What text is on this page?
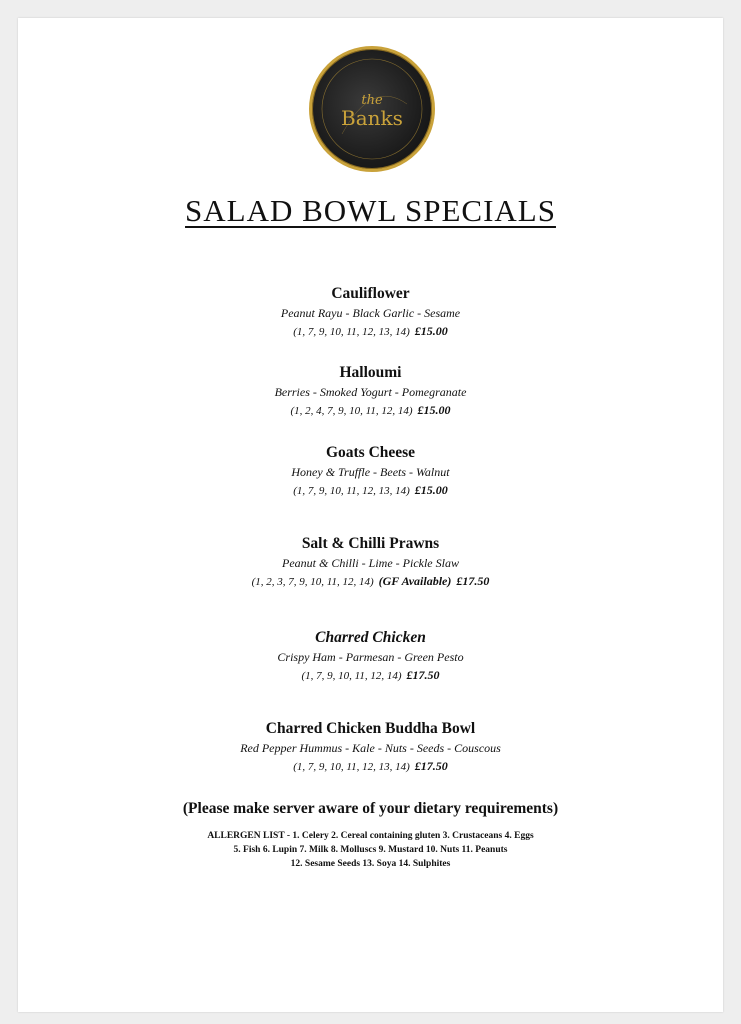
the
Banks
SALAD BOWL SPECIALS
Cauliflower
Peanut Rayu - Black Garlic - Sesame
(1, 7, 9, 10, 11, 12, 13, 14) £15.00
Halloumi
Berries - Smoked Yogurt - Pomegranate
(1, 2, 4, 7, 9, 10, 11, 12, 14) £15.00
Goats Cheese
Honey & Truffle - Beets - Walnut
(1, 7, 9, 10, 11, 12, 13, 14) £15.00
Salt & Chilli Prawns
Peanut & Chilli - Lime - Pickle Slaw
(1, 2, 3, 7, 9, 10, 11, 12, 14) (GF Available) £17.50
Charred Chicken
Crispy Ham - Parmesan - Green Pesto
(1, 7, 9, 10, 11, 12, 14) £17.50
Charred Chicken Buddha Bowl
Red Pepper Hummus - Kale - Nuts - Seeds - Couscous
(1, 7, 9, 10, 11, 12, 13, 14) £17.50
(Please make server aware of your dietary requirements)
ALLERGEN LIST - 1. Celery 2. Cereal containing gluten 3. Crustaceans 4. Eggs
5. Fish 6. Lupin 7. Milk 8. Molluscs 9. Mustard 10. Nuts 11. Peanuts
12. Sesame Seeds 13. Soya 14. Sulphites
